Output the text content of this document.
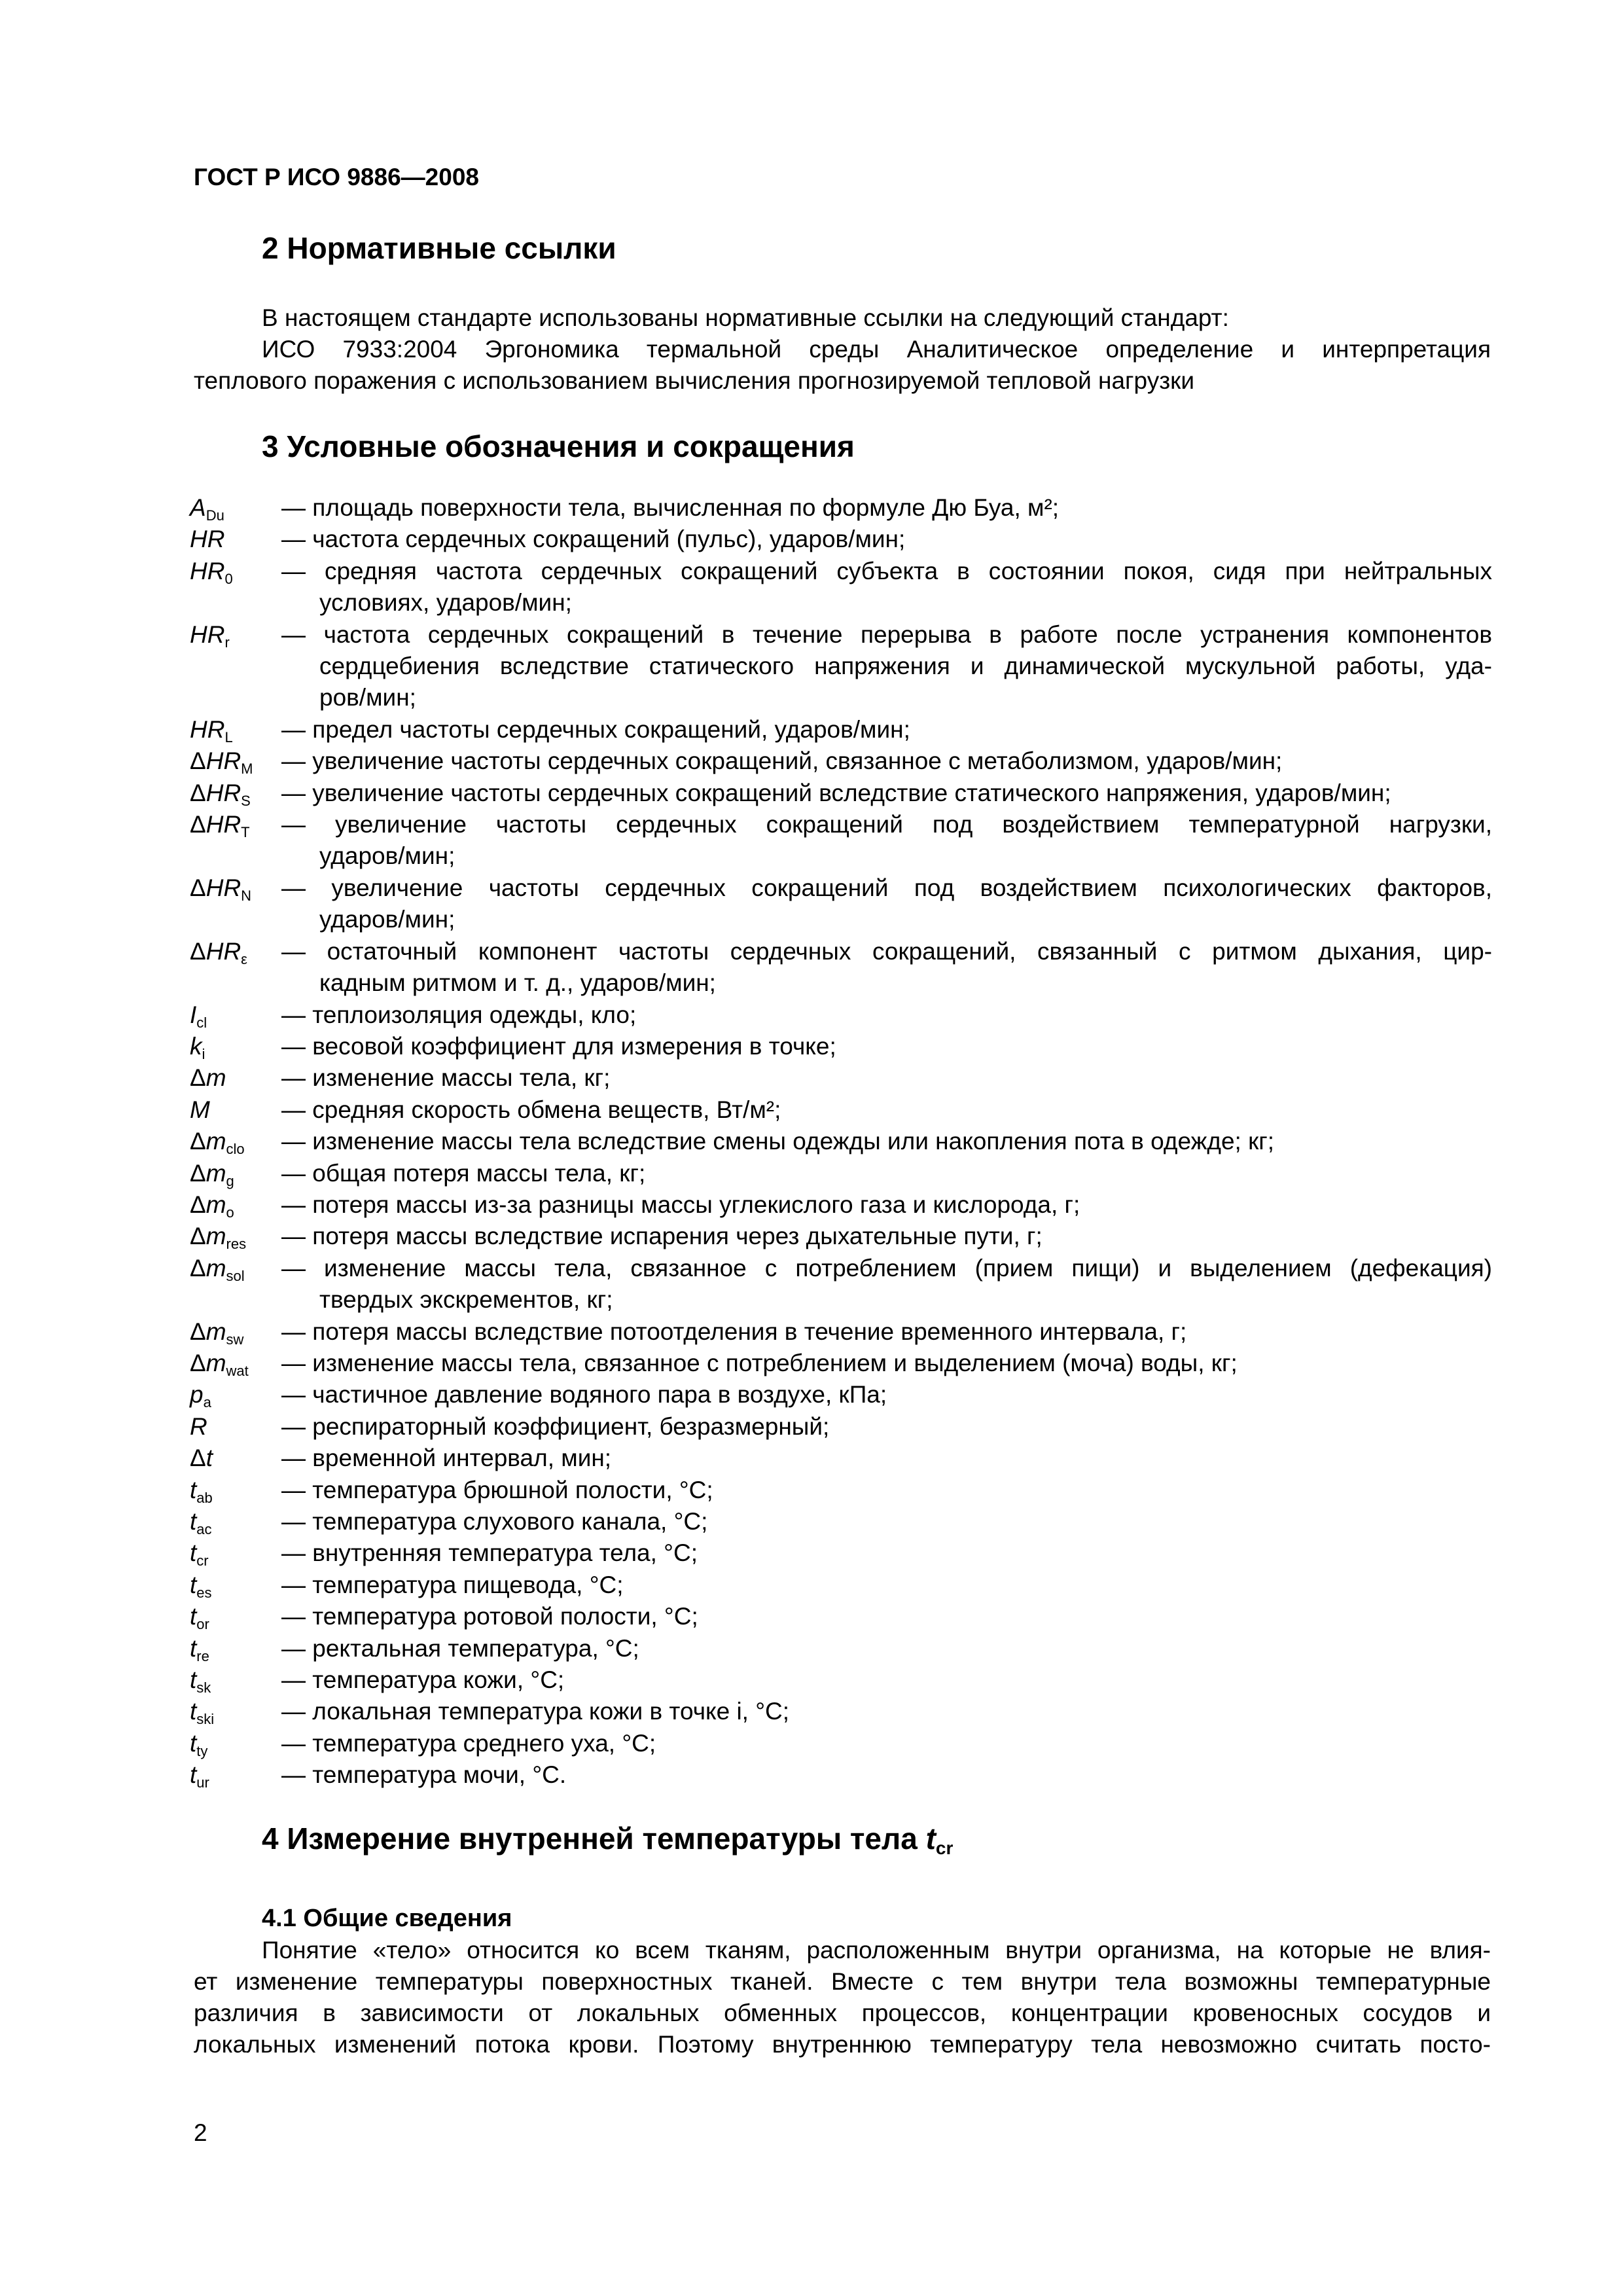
ГОСТ Р ИСО 9886—2008
2 Нормативные ссылки
В настоящем стандарте использованы нормативные ссылки на следующий стандарт:
ИСО 7933:2004 Эргономика термальной среды Аналитическое определение и интерпретация
теплового поражения с использованием вычисления прогнозируемой тепловой нагрузки
3 Условные обозначения и сокращения
$A_{Du}$	— площадь поверхности тела, вычисленная по формуле Дю Буа, м²;
HR	— частота сердечных сокращений (пульс), ударов/мин;
$HR_0$	— средняя частота сердечных сокращений субъекта в состоянии покоя, сидя при нейтральных
условиях, ударов/мин;
$HR_r$	— частота сердечных сокращений в течение перерыва в работе после устранения компонентов
сердцебиения вследствие статического напряжения и динамической мускульной работы, уда-
ров/мин;
$HR_L$	— предел частоты сердечных сокращений, ударов/мин;
$\Delta HR_M$	— увеличение частоты сердечных сокращений, связанное с метаболизмом, ударов/мин;
$\Delta HR_S$	— увеличение частоты сердечных сокращений вследствие статического напряжения, ударов/мин;
$\Delta HR_T$	— увеличение частоты сердечных сокращений под воздействием температурной нагрузки,
ударов/мин;
$\Delta HR_N$	— увеличение частоты сердечных сокращений под воздействием психологических факторов,
ударов/мин;
$\Delta HR_\varepsilon$	— остаточный компонент частоты сердечных сокращений, связанный с ритмом дыхания, цир-
кадным ритмом и т. д., ударов/мин;
$I_{cl}$	— теплоизоляция одежды, кло;
$k_i$	— весовой коэффициент для измерения в точке;
Δm	— изменение массы тела, кг;
M	— средняя скорость обмена веществ, Вт/м²;
$\Delta m_{clo}$	— изменение массы тела вследствие смены одежды или накопления пота в одежде; кг;
$\Delta m_g$	— общая потеря массы тела, кг;
$\Delta m_o$	— потеря массы из-за разницы массы углекислого газа и кислорода, г;
$\Delta m_{res}$	— потеря массы вследствие испарения через дыхательные пути, г;
$\Delta m_{sol}$	— изменение массы тела, связанное с потреблением (прием пищи) и выделением (дефекация)
твердых экскрементов, кг;
$\Delta m_{sw}$	— потеря массы вследствие потоотделения в течение временного интервала, г;
$\Delta m_{wat}$	— изменение массы тела, связанное с потреблением и выделением (моча) воды, кг;
$p_a$	— частичное давление водяного пара в воздухе, кПа;
R	— респираторный коэффициент, безразмерный;
Δt	— временной интервал, мин;
$t_{ab}$	— температура брюшной полости, °С;
$t_{ac}$	— температура слухового канала, °С;
$t_{cr}$	— внутренняя температура тела, °С;
$t_{es}$	— температура пищевода, °С;
$t_{or}$	— температура ротовой полости, °С;
$t_{re}$	— ректальная температура, °С;
$t_{sk}$	— температура кожи, °С;
$t_{ski}$	— локальная температура кожи в точке i, °С;
$t_{ty}$	— температура среднего уха, °С;
$t_{ur}$	— температура мочи, °С.
4 Измерение внутренней температуры тела $t_{cr}$
4.1 Общие сведения
Понятие «тело» относится ко всем тканям, расположенным внутри организма, на которые не влия-
ет изменение температуры поверхностных тканей. Вместе с тем внутри тела возможны температурные
различия в зависимости от локальных обменных процессов, концентрации кровеносных сосудов и
локальных изменений потока крови. Поэтому внутреннюю температуру тела невозможно считать посто-
2
